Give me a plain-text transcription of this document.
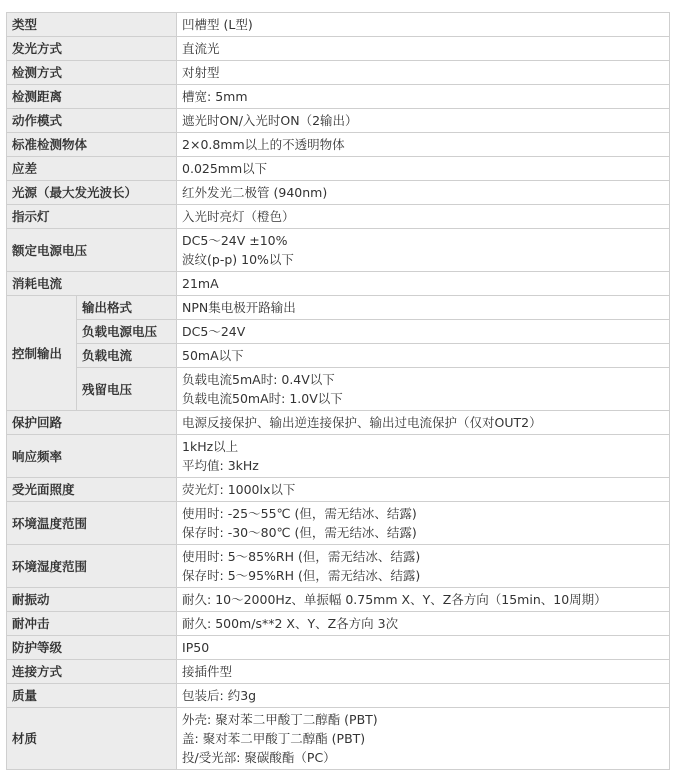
类型		凹槽型 (L型)

发光方式		直流光

检测方式		对射型

检测距离		槽宽: 5mm

动作模式		遮光时ON/入光时ON（2输出）

标准检测物体		2×0.8mm以上的不透明物体

应差		0.025mm以下

光源（最大发光波长）		红外发光二极管 (940nm)

指示灯		入光时亮灯（橙色）

额定电源电压		DC5～24V ±10%
波纹(p-p) 10%以下

消耗电流		21mA

控制输出	输出格式	NPN集电极开路输出

	负载电源电压	DC5～24V

	负载电流	50mA以下

	残留电压	负载电流5mA时: 0.4V以下
负载电流50mA时: 1.0V以下

保护回路		电源反接保护、输出逆连接保护、输出过电流保护（仅对OUT2）

响应频率		1kHz以上
平均值: 3kHz

受光面照度		荧光灯: 1000lx以下

环境温度范围		使用时: -25～55℃ (但，需无结冰、结露)
保存时: -30～80℃ (但，需无结冰、结露)

环境湿度范围		使用时: 5～85%RH (但，需无结冰、结露)
保存时: 5～95%RH (但，需无结冰、结露)

耐振动		耐久: 10～2000Hz、单振幅 0.75mm X、Y、Z各方向（15min、10周期）

耐冲击		耐久: 500m/s**2 X、Y、Z各方向 3次

防护等级		IP50

连接方式		接插件型

质量		包装后: 约3g

材质		外壳: 聚对苯二甲酸丁二醇酯 (PBT)
盖: 聚对苯二甲酸丁二醇酯 (PBT)
投/受光部: 聚碳酸酯（PC）
